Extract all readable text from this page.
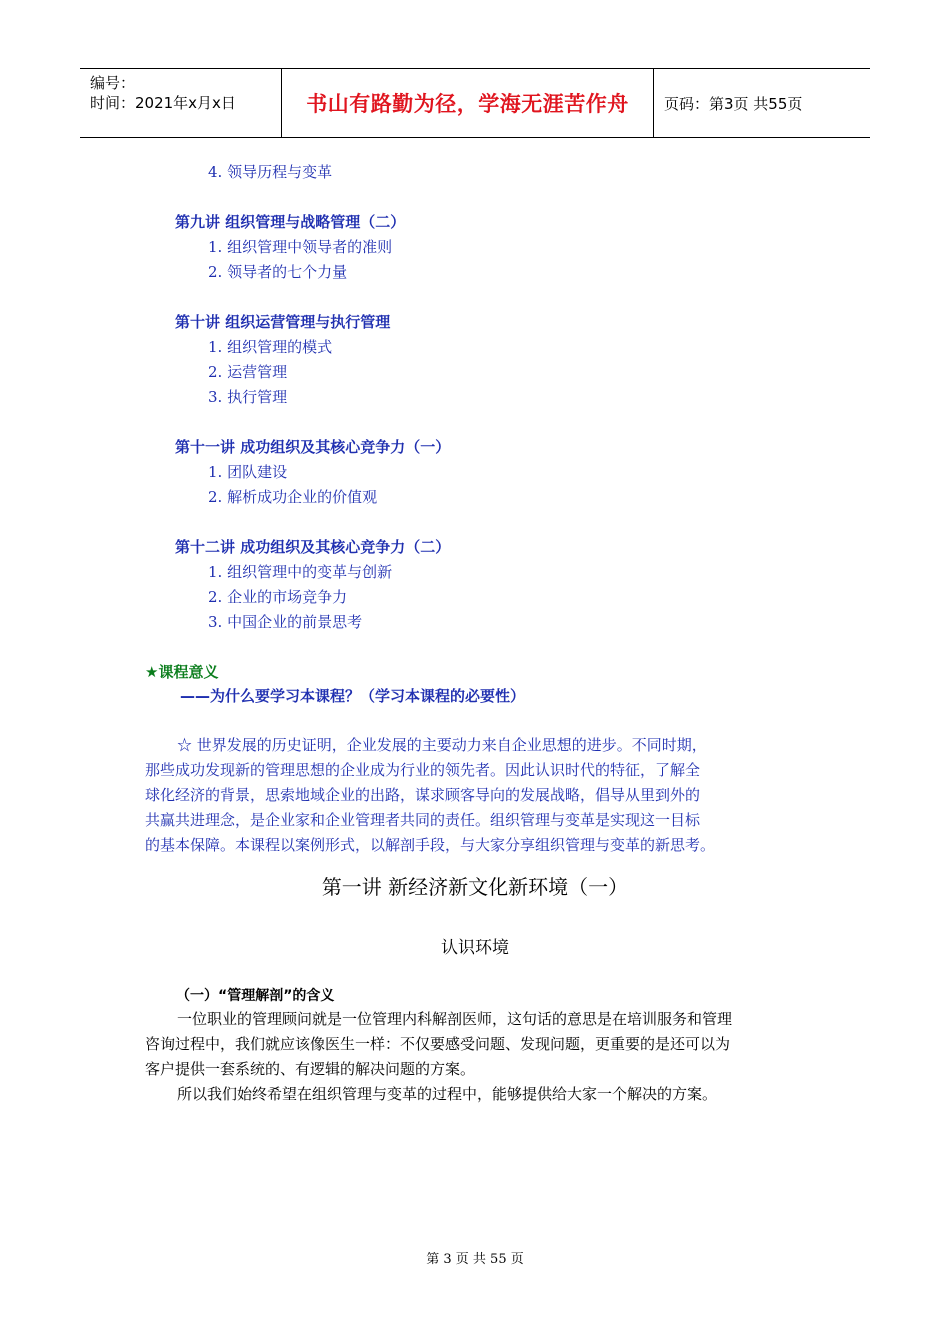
编号：
时间：2021年x月x日	书山有路勤为径，学海无涯苦作舟	页码：第3页 共55页
4. 领导历程与变革
第九讲 组织管理与战略管理（二）
1. 组织管理中领导者的准则
2. 领导者的七个力量
第十讲 组织运营管理与执行管理
1. 组织管理的模式
2. 运营管理
3. 执行管理
第十一讲 成功组织及其核心竞争力（一）
1. 团队建设
2. 解析成功企业的价值观
第十二讲 成功组织及其核心竞争力（二）
1. 组织管理中的变革与创新
2. 企业的市场竞争力
3. 中国企业的前景思考
★课程意义
——为什么要学习本课程？（学习本课程的必要性）
☆ 世界发展的历史证明，企业发展的主要动力来自企业思想的进步。不同时期，
那些成功发现新的管理思想的企业成为行业的领先者。因此认识时代的特征，了解全
球化经济的背景，思索地域企业的出路，谋求顾客导向的发展战略，倡导从里到外的
共赢共进理念，是企业家和企业管理者共同的责任。组织管理与变革是实现这一目标
的基本保障。本课程以案例形式，以解剖手段，与大家分享组织管理与变革的新思考。
第一讲 新经济新文化新环境（一）
认识环境
（一）“管理解剖”的含义
一位职业的管理顾问就是一位管理内科解剖医师，这句话的意思是在培训服务和管理
咨询过程中，我们就应该像医生一样：不仅要感受问题、发现问题，更重要的是还可以为
客户提供一套系统的、有逻辑的解决问题的方案。
所以我们始终希望在组织管理与变革的过程中，能够提供给大家一个解决的方案。
第 3 页 共 55 页
